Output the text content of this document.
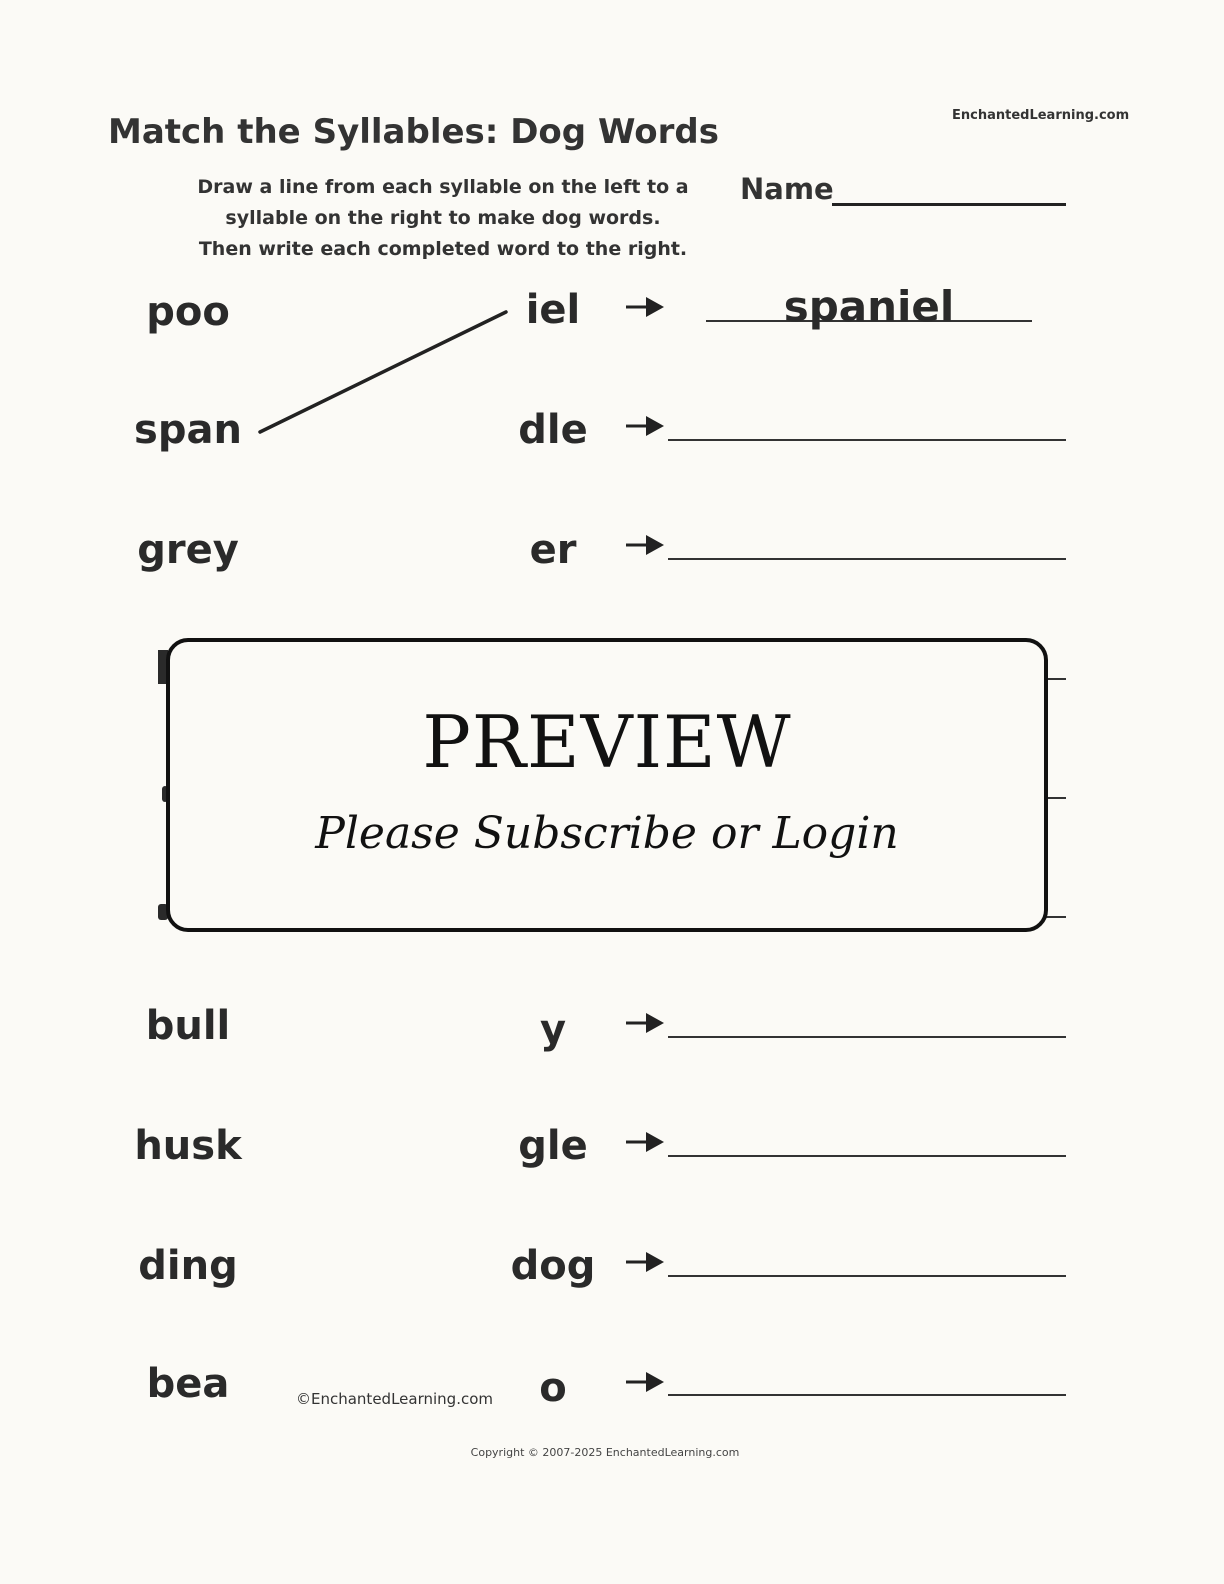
Match the Syllables: Dog Words	EnchantedLearning.com
Draw a line from each syllable on the left to a
syllable on the right to make dog words.
Then write each completed word to the right.
Name
poo	iel	spaniel
span	dle
grey	er
PREVIEW
Please Subscribe or Login
bull	y
husk	gle
ding	dog
bea	o
©EnchantedLearning.com
Copyright © 2007-2025 EnchantedLearning.com
